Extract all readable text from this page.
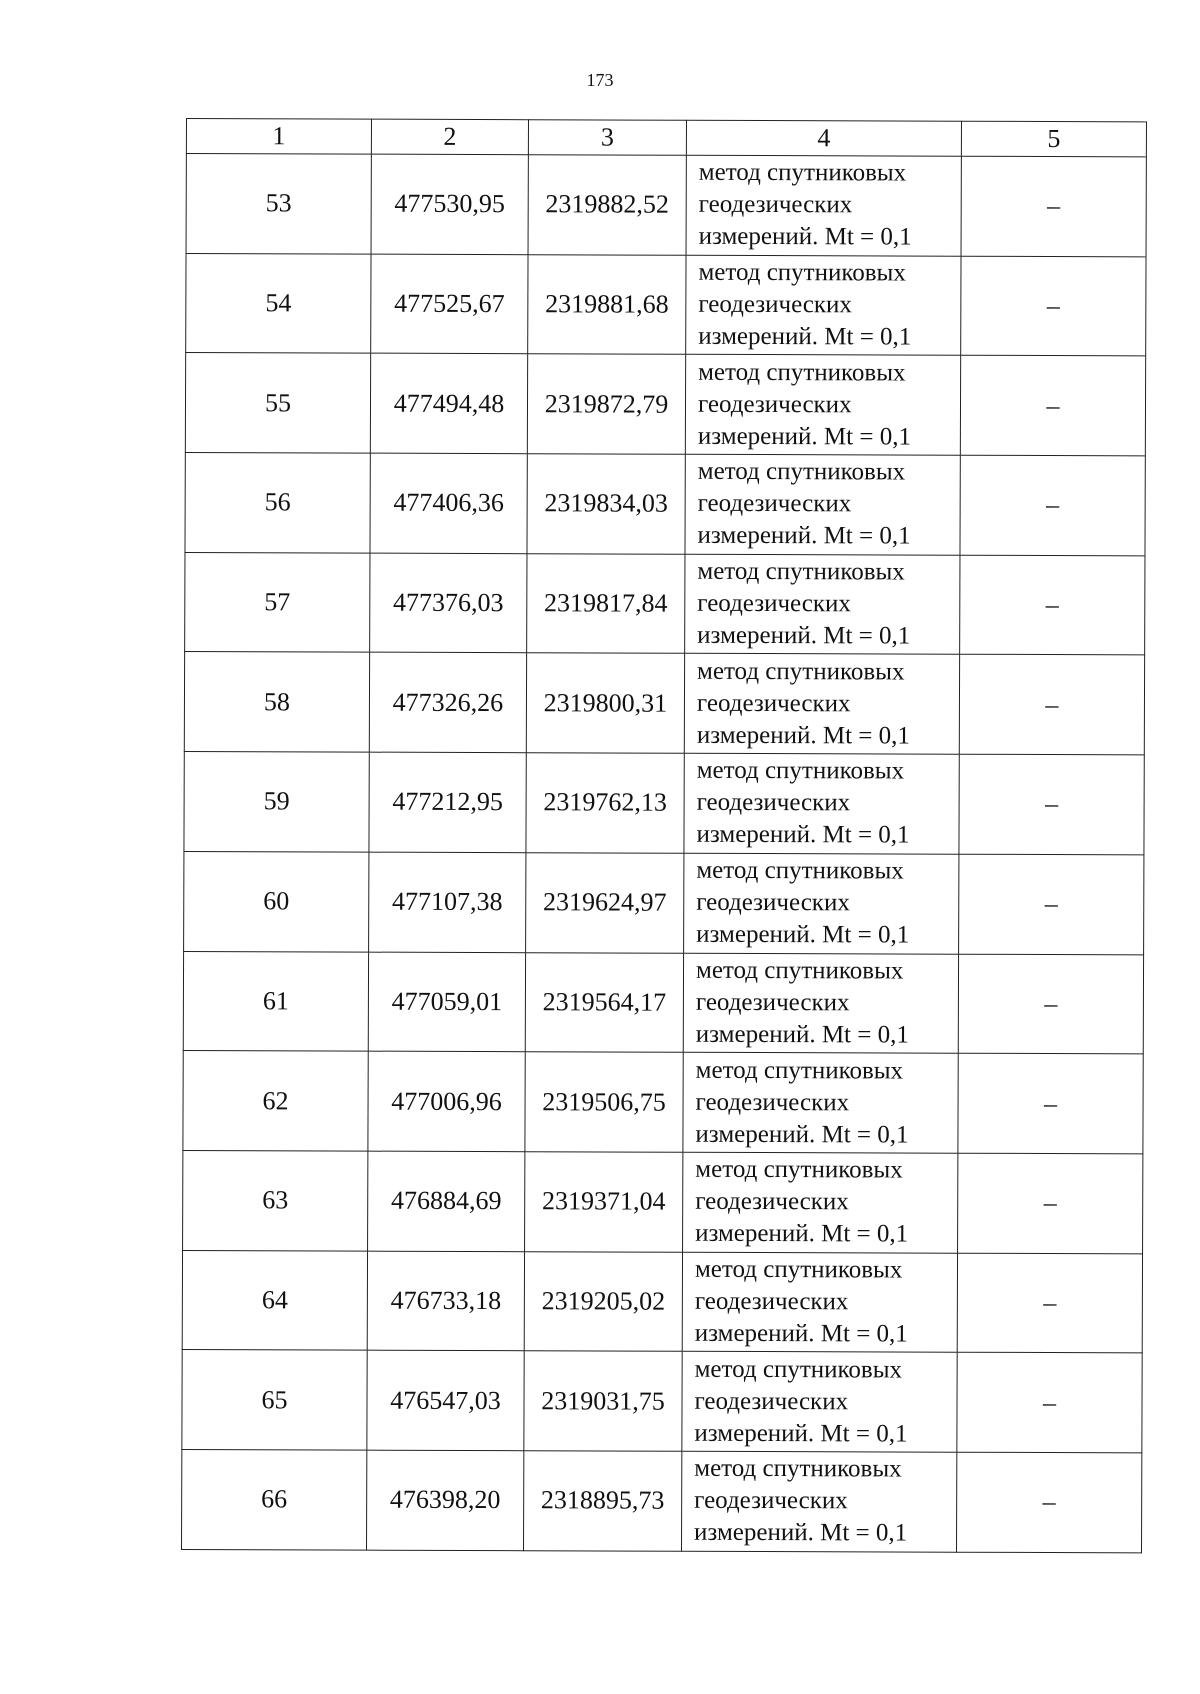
173
1	2	3	4	5
53	477530,95	2319882,52	метод спутниковых
геодезических
измерений. Mt = 0,1	–
54	477525,67	2319881,68	метод спутниковых
геодезических
измерений. Mt = 0,1	–
55	477494,48	2319872,79	метод спутниковых
геодезических
измерений. Mt = 0,1	–
56	477406,36	2319834,03	метод спутниковых
геодезических
измерений. Mt = 0,1	–
57	477376,03	2319817,84	метод спутниковых
геодезических
измерений. Mt = 0,1	–
58	477326,26	2319800,31	метод спутниковых
геодезических
измерений. Mt = 0,1	–
59	477212,95	2319762,13	метод спутниковых
геодезических
измерений. Mt = 0,1	–
60	477107,38	2319624,97	метод спутниковых
геодезических
измерений. Mt = 0,1	–
61	477059,01	2319564,17	метод спутниковых
геодезических
измерений. Mt = 0,1	–
62	477006,96	2319506,75	метод спутниковых
геодезических
измерений. Mt = 0,1	–
63	476884,69	2319371,04	метод спутниковых
геодезических
измерений. Mt = 0,1	–
64	476733,18	2319205,02	метод спутниковых
геодезических
измерений. Mt = 0,1	–
65	476547,03	2319031,75	метод спутниковых
геодезических
измерений. Mt = 0,1	–
66	476398,20	2318895,73	метод спутниковых
геодезических
измерений. Mt = 0,1	–
